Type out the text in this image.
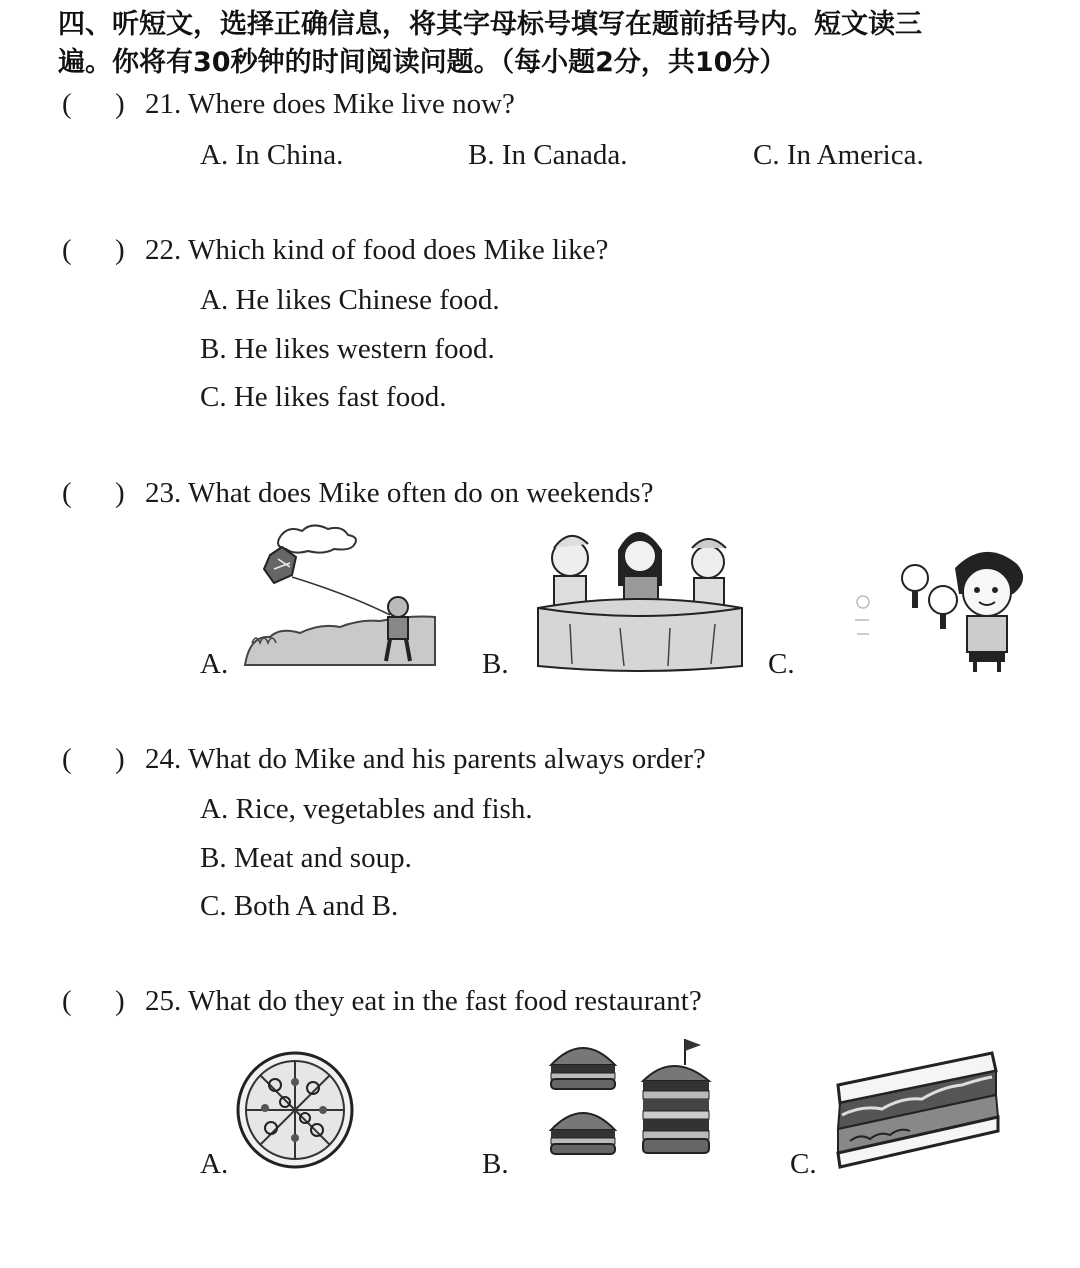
四、听短文，选择正确信息，将其字母标号填写在题前括号内。短文读三
遍。你将有30秒钟的时间阅读问题。（每小题2分，共10分）
( ) 21. Where does Mike live now?
A. In China.	B. In Canada.	C. In America.
( ) 22. Which kind of food does Mike like?
A. He likes Chinese food.
B. He likes western food.
C. He likes fast food.
( ) 23. What does Mike often do on weekends?
A.	B.	C.
( ) 24. What do Mike and his parents always order?
A. Rice, vegetables and fish.
B. Meat and soup.
C. Both A and B.
( ) 25. What do they eat in the fast food restaurant?
A.	B.	C.
